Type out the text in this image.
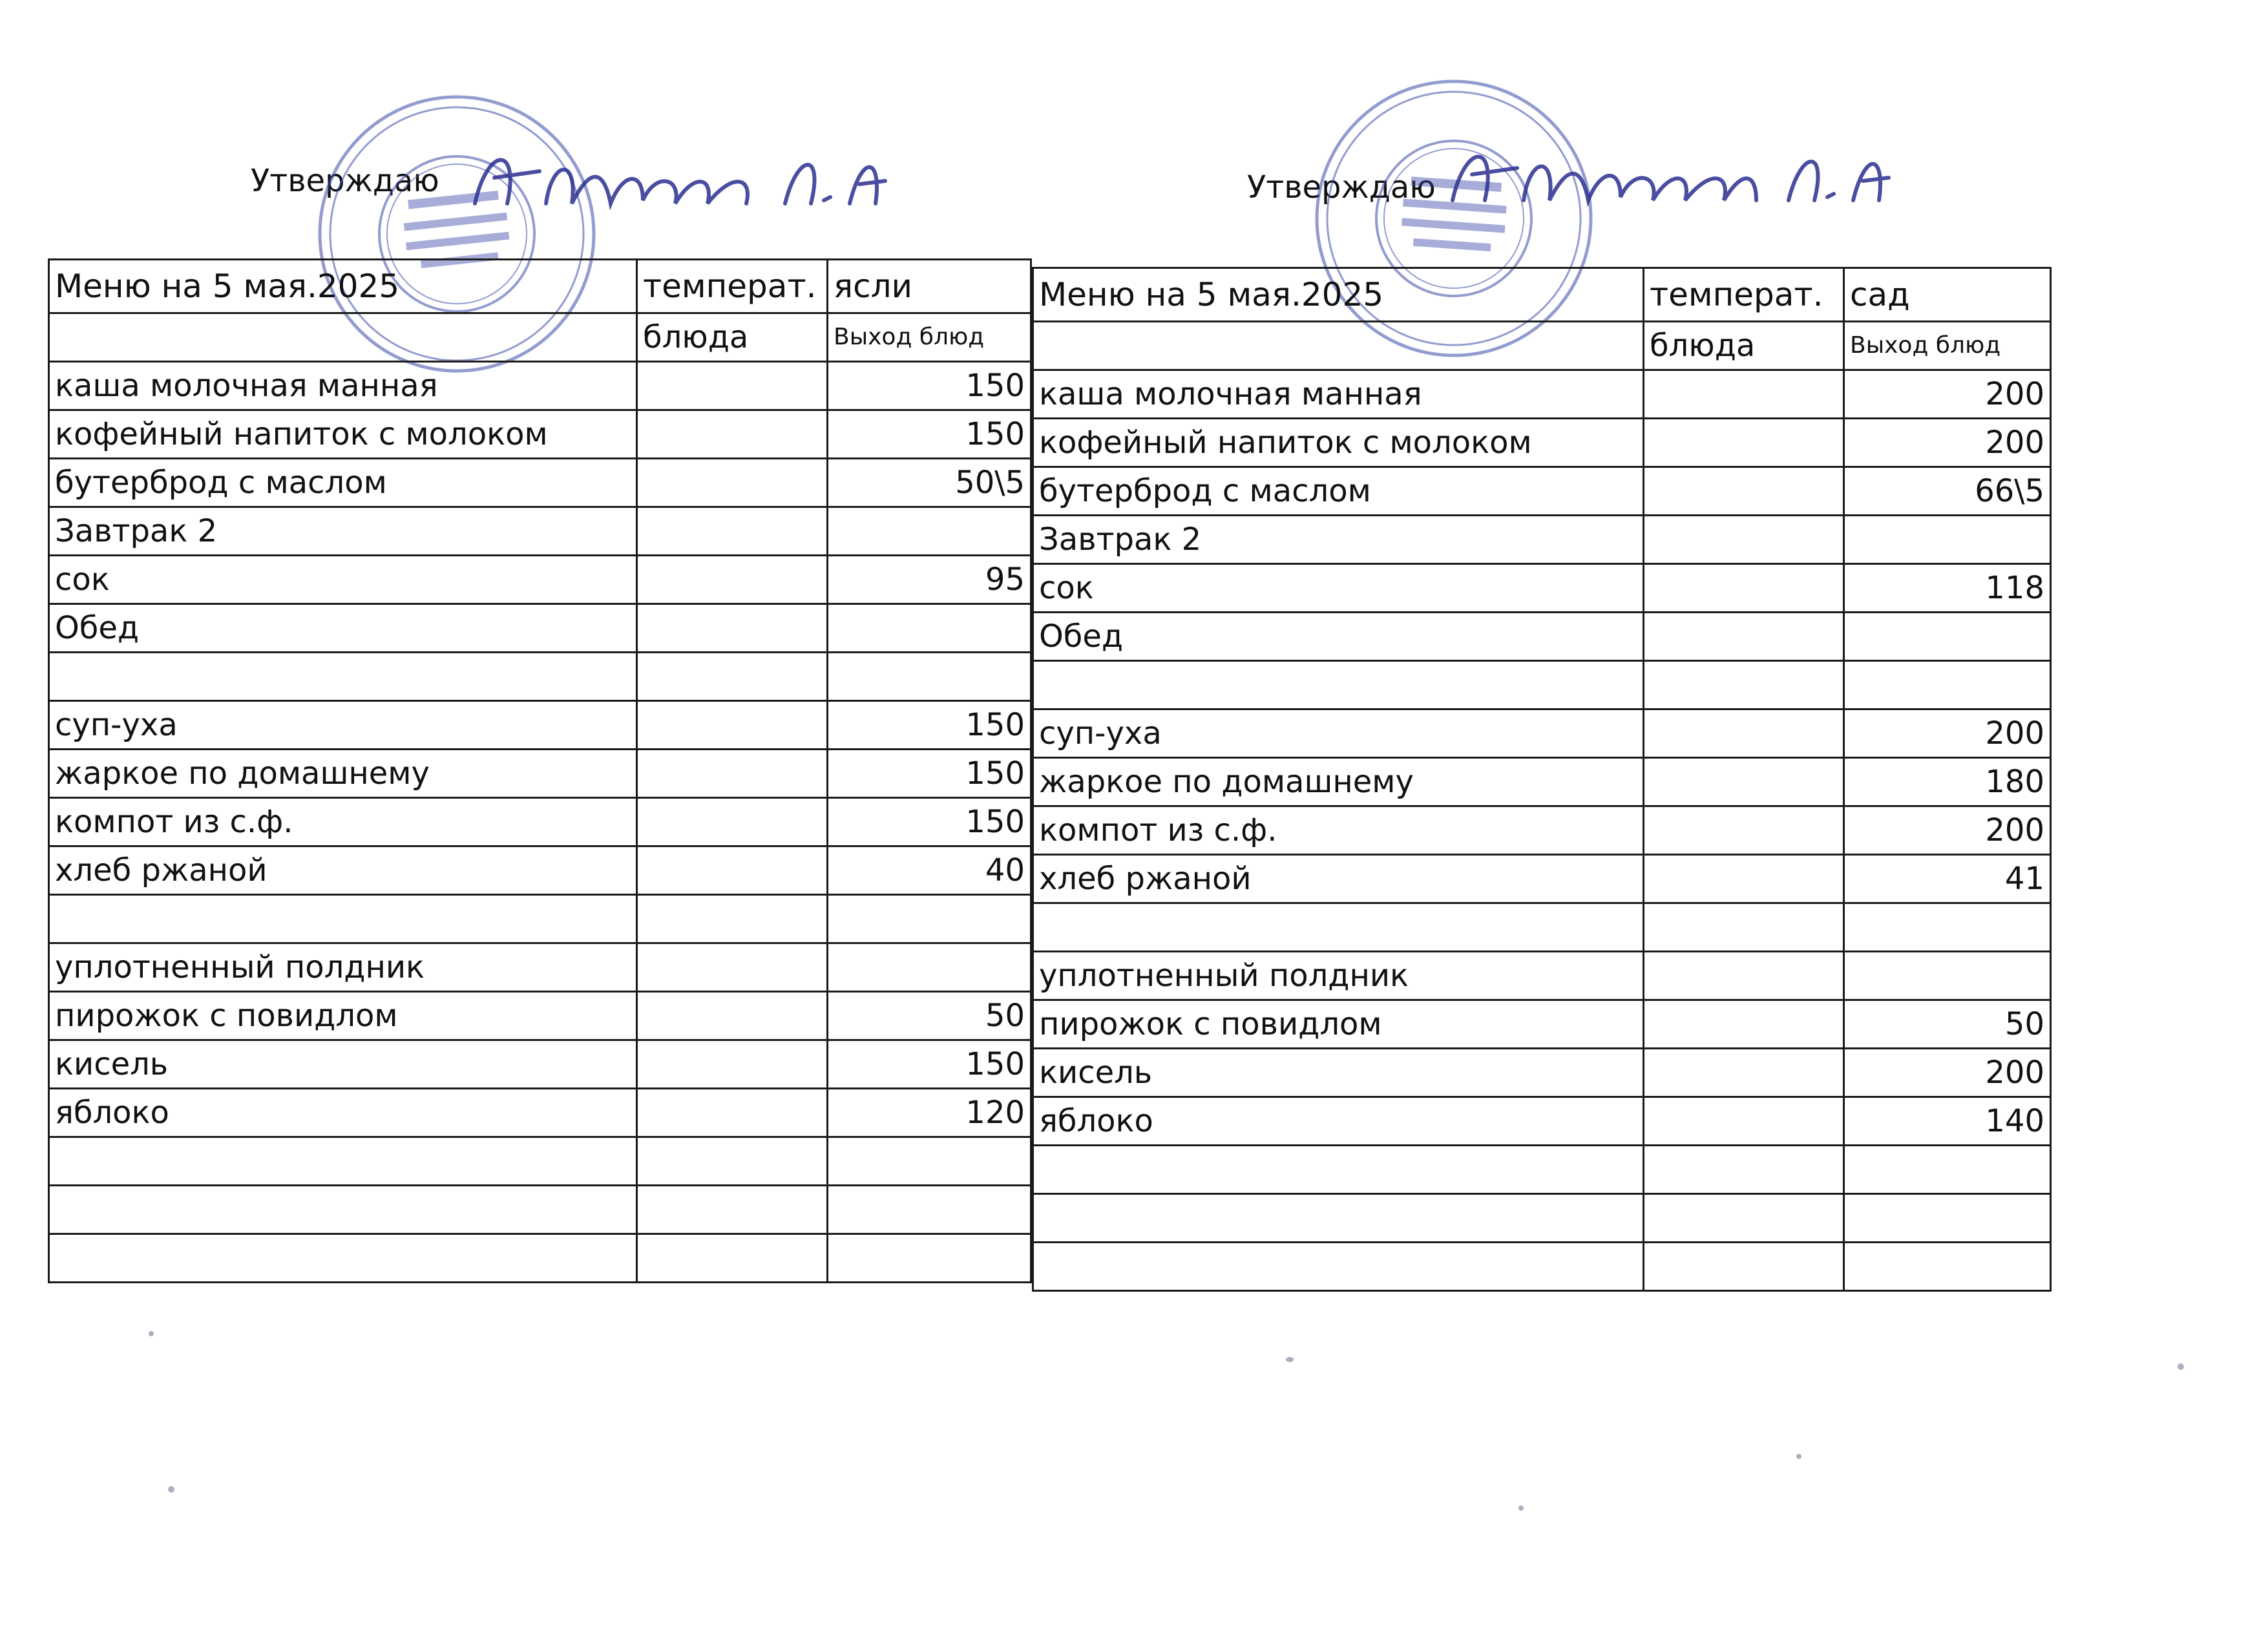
Утверждаю	Утверждаю
Меню на 5 мая.2025	температ.	ясли
	блюда	Выход блюд
каша молочная манная		150
кофейный напиток с молоком		150
бутерброд с маслом		50\5
Завтрак 2		
сок		95
Обед		

суп-уха		150
жаркое по домашнему		150
компот из с.ф.		150
хлеб ржаной		40

уплотненный полдник		
пирожок с повидлом		50
кисель		150
яблоко		120

Меню на 5 мая.2025	температ.	сад
	блюда	Выход блюд
каша молочная манная		200
кофейный напиток с молоком		200
бутерброд с маслом		66\5
Завтрак 2		
сок		118
Обед		

суп-уха		200
жаркое по домашнему		180
компот из с.ф.		200
хлеб ржаной		41

уплотненный полдник		
пирожок с повидлом		50
кисель		200
яблоко		140
